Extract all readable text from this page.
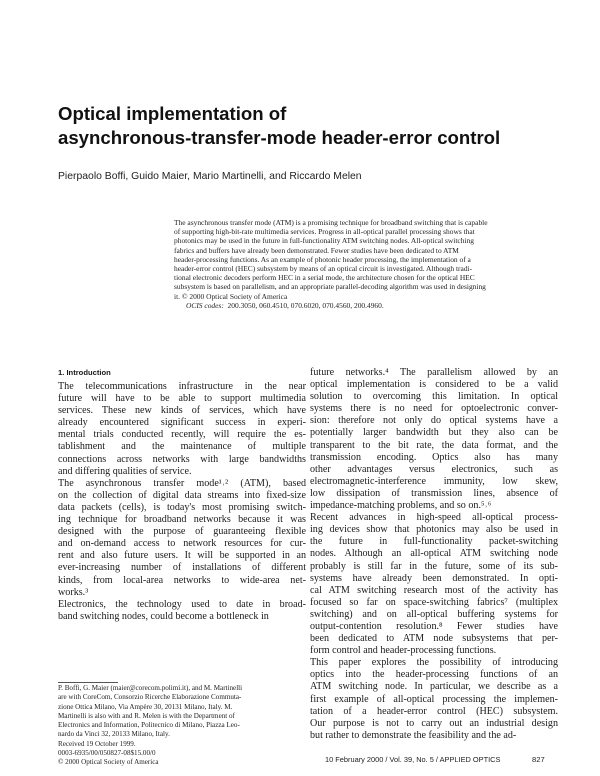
Optical implementation of
asynchronous-transfer-mode header-error control
Pierpaolo Boffi, Guido Maier, Mario Martinelli, and Riccardo Melen
The asynchronous transfer mode (ATM) is a promising technique for broadband switching that is capable
of supporting high-bit-rate multimedia services. Progress in all-optical parallel processing shows that
photonics may be used in the future in full-functionality ATM switching nodes. All-optical switching
fabrics and buffers have already been demonstrated. Fewer studies have been dedicated to ATM
header-processing functions. As an example of photonic header processing, the implementation of a
header-error control (HEC) subsystem by means of an optical circuit is investigated. Although tradi-
tional electronic decoders perform HEC in a serial mode, the architecture chosen for the optical HEC
subsystem is based on parallelism, and an appropriate parallel-decoding algorithm was used in designing
it. © 2000 Optical Society of America
OCIS codes: 200.3050, 060.4510, 070.6020, 070.4560, 200.4960.
1. Introduction
The telecommunications infrastructure in the near
future will have to be able to support multimedia
services. These new kinds of services, which have
already encountered significant success in experi-
mental trials conducted recently, will require the es-
tablishment and the maintenance of multiple
connections across networks with large bandwidths
and differing qualities of service.
The asynchronous transfer mode¹˒² (ATM), based
on the collection of digital data streams into fixed-size
data packets (cells), is today's most promising switch-
ing technique for broadband networks because it was
designed with the purpose of guaranteeing flexible
and on-demand access to network resources for cur-
rent and also future users. It will be supported in an
ever-increasing number of installations of different
kinds, from local-area networks to wide-area net-
works.³
Electronics, the technology used to date in broad-
band switching nodes, could become a bottleneck in
future networks.⁴ The parallelism allowed by an
optical implementation is considered to be a valid
solution to overcoming this limitation. In optical
systems there is no need for optoelectronic conver-
sion: therefore not only do optical systems have a
potentially larger bandwidth but they also can be
transparent to the bit rate, the data format, and the
transmission encoding. Optics also has many
other advantages versus electronics, such as
electromagnetic-interference immunity, low skew,
low dissipation of transmission lines, absence of
impedance-matching problems, and so on.⁵˒⁶
Recent advances in high-speed all-optical process-
ing devices show that photonics may also be used in
the future in full-functionality packet-switching
nodes. Although an all-optical ATM switching node
probably is still far in the future, some of its sub-
systems have already been demonstrated. In opti-
cal ATM switching research most of the activity has
focused so far on space-switching fabrics⁷ (multiplex
switching) and on all-optical buffering systems for
output-contention resolution.⁸ Fewer studies have
been dedicated to ATM node subsystems that per-
form control and header-processing functions.
This paper explores the possibility of introducing
optics into the header-processing functions of an
ATM switching node. In particular, we describe as a
first example of all-optical processing the implemen-
tation of a header-error control (HEC) subsystem.
Our purpose is not to carry out an industrial design
but rather to demonstrate the feasibility and the ad-
P. Boffi, G. Maier (maier@corecom.polimi.it), and M. Martinelli
are with CoreCom, Consorzio Ricerche Elaborazione Commuta-
zione Ottica Milano, Via Ampère 30, 20131 Milano, Italy. M.
Martinelli is also with and R. Melen is with the Department of
Electronics and Information, Politecnico di Milano, Piazza Leo-
nardo da Vinci 32, 20133 Milano, Italy.
Received 19 October 1999.
0003-6935/00/050827-08$15.00/0
© 2000 Optical Society of America	10 February 2000 / Vol. 39, No. 5 / APPLIED OPTICS	827
